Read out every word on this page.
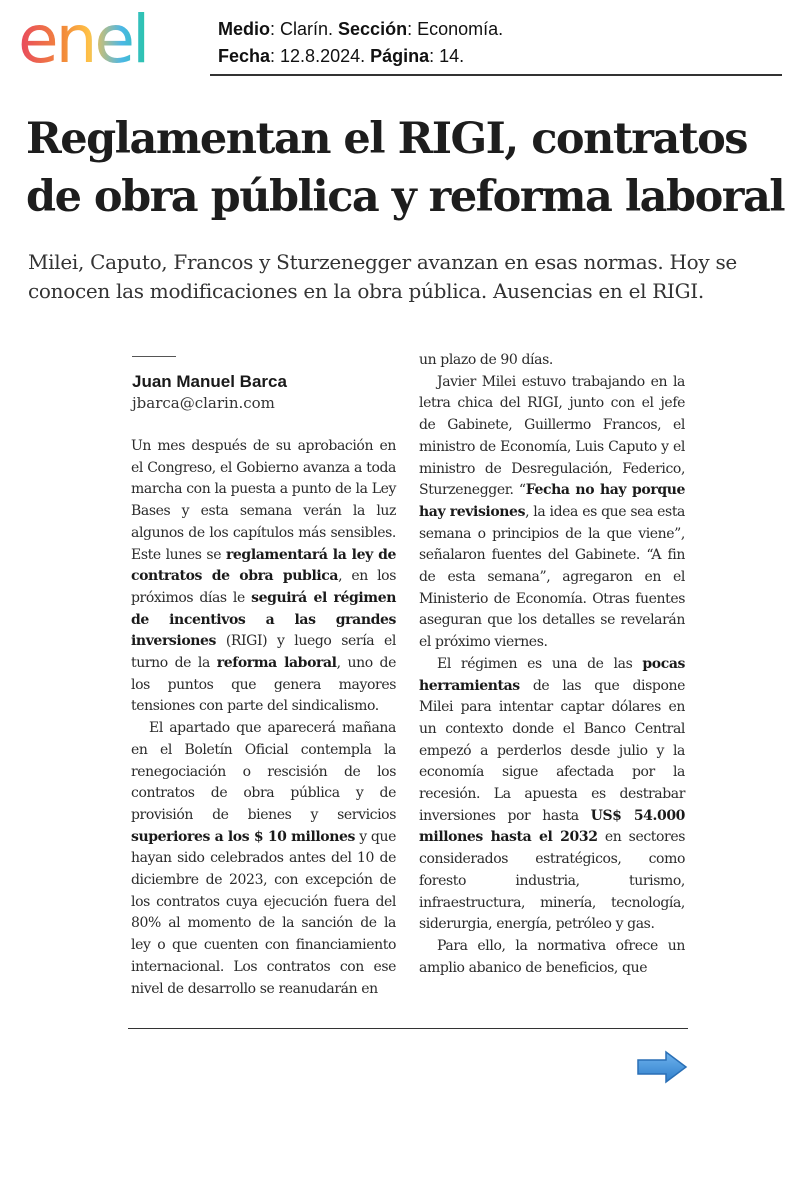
enel	Medio: Clarín. Sección: Economía.
Fecha: 12.8.2024. Página: 14.
Reglamentan el RIGI, contratos de obra pública y reforma laboral

Milei, Caputo, Francos y Sturzenegger avanzan en esas normas. Hoy se conocen las modificaciones en la obra pública. Ausencias en el RIGI.

Juan Manuel Barca
jbarca@clarin.com

Un mes después de su aprobación en el Congreso, el Gobierno avanza a toda marcha con la puesta a punto de la Ley Bases y esta semana verán la luz algunos de los capítulos más sensibles. Este lunes se reglamentará la ley de contratos de obra publica, en los próximos días le seguirá el régimen de incentivos a las grandes inversiones (RIGI) y luego sería el turno de la reforma laboral, uno de los puntos que genera mayores tensiones con parte del sindicalismo.

El apartado que aparecerá mañana en el Boletín Oficial contempla la renegociación o rescisión de los contratos de obra pública y de provisión de bienes y servicios superiores a los $ 10 millones y que hayan sido celebrados antes del 10 de diciembre de 2023, con excepción de los contratos cuya ejecución fuera del 80% al momento de la sanción de la ley o que cuenten con financiamiento internacional. Los contratos con ese nivel de desarrollo se reanudarán en

un plazo de 90 días.

Javier Milei estuvo trabajando en la letra chica del RIGI, junto con el jefe de Gabinete, Guillermo Francos, el ministro de Economía, Luis Caputo y el ministro de Desregulación, Federico, Sturzenegger. “Fecha no hay porque hay revisiones, la idea es que sea esta semana o principios de la que viene”, señalaron fuentes del Gabinete. “A fin de esta semana”, agregaron en el Ministerio de Economía. Otras fuentes aseguran que los detalles se revelarán el próximo viernes.

El régimen es una de las pocas herramientas de las que dispone Milei para intentar captar dólares en un contexto donde el Banco Central empezó a perderlos desde julio y la economía sigue afectada por la recesión. La apuesta es destrabar inversiones por hasta US$ 54.000 millones hasta el 2032 en sectores considerados estratégicos, como foresto industria, turismo, infraestructura, minería, tecnología, siderurgia, energía, petróleo y gas.

Para ello, la normativa ofrece un amplio abanico de beneficios, que
